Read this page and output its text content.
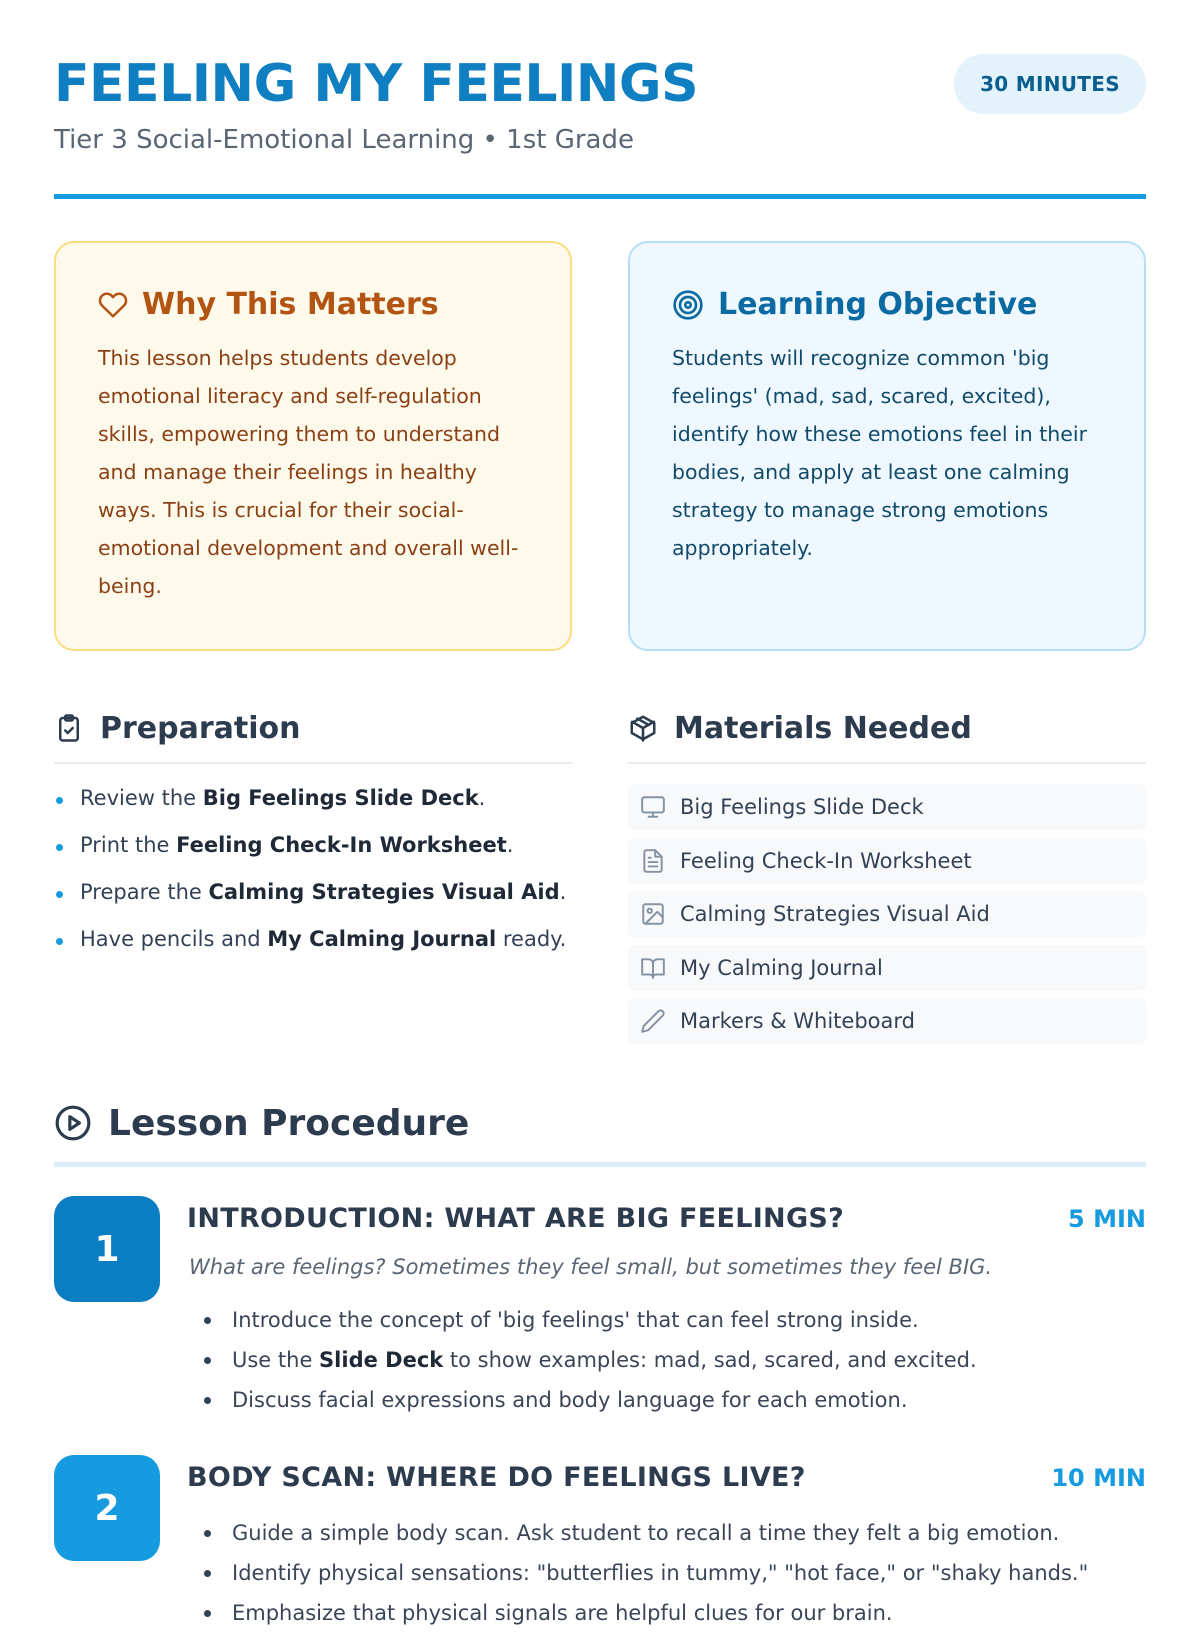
FEELING MY FEELINGS
Tier 3 Social-Emotional Learning • 1st Grade
30 MINUTES
Why This Matters

This lesson helps students develop emotional literacy and self-regulation skills, empowering them to understand and manage their feelings in healthy ways. This is crucial for their social-emotional development and overall well-being.

Learning Objective

Students will recognize common 'big feelings' (mad, sad, scared, excited), identify how these emotions feel in their bodies, and apply at least one calming strategy to manage strong emotions appropriately.

Preparation
Review the Big Feelings Slide Deck.
Print the Feeling Check-In Worksheet.
Prepare the Calming Strategies Visual Aid.
Have pencils and My Calming Journal ready.
Materials Needed
Big Feelings Slide Deck
Feeling Check-In Worksheet
Calming Strategies Visual Aid
My Calming Journal
Markers & Whiteboard
Lesson Procedure
1
INTRODUCTION: WHAT ARE BIG FEELINGS?	5 MIN
What are feelings? Sometimes they feel small, but sometimes they feel BIG.
Introduce the concept of 'big feelings' that can feel strong inside.
Use the Slide Deck to show examples: mad, sad, scared, and excited.
Discuss facial expressions and body language for each emotion.
2
BODY SCAN: WHERE DO FEELINGS LIVE?	10 MIN
Guide a simple body scan. Ask student to recall a time they felt a big emotion.
Identify physical sensations: "butterflies in tummy," "hot face," or "shaky hands."
Emphasize that physical signals are helpful clues for our brain.
